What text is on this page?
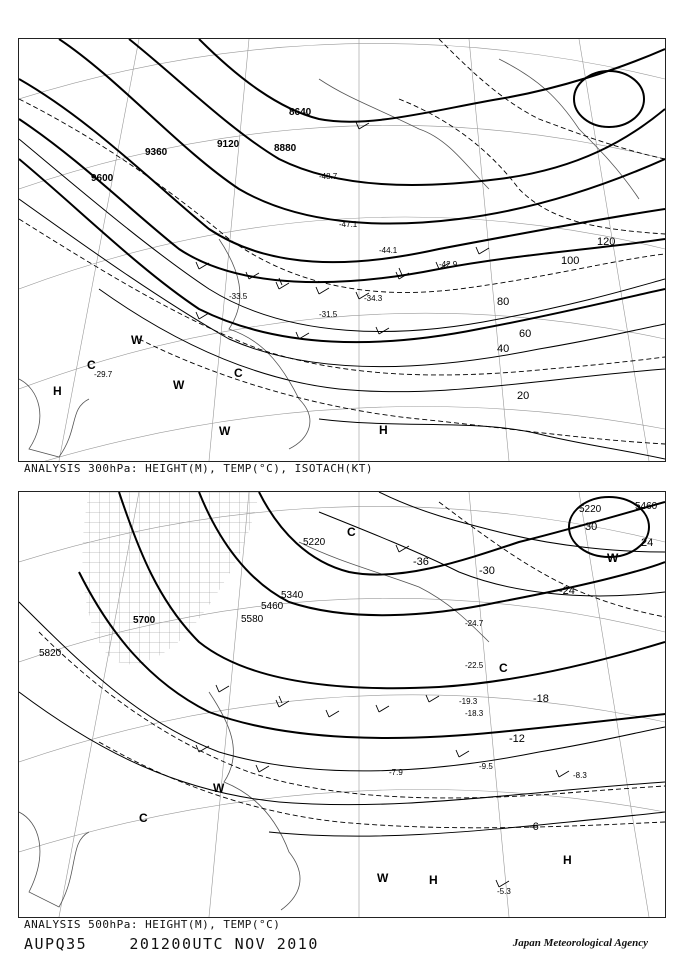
8640
8880
9120
9360
9600
20
40
60
80
100
120
-33.5
-42.9
-44.1
-47.1
-48.7
-34.3
-31.5
-29.7
H
H
C
C
W
W
W
ANALYSIS 300hPa: HEIGHT(M), TEMP(°C), ISOTACH(KT)
5220
5220
5340
5460
5460
5580
5700
5820
-36
-30
-24
-18
-12
-6
30
24
-22.5
-19.3
-9.5
-7.9	-8.3
-5.3
-24.7
-18.3
C
C
C
W
W
W	H
H
ANALYSIS 500hPa: HEIGHT(M), TEMP(°C)
AUPQ35	201200UTC NOV 2010	Japan Meteorological Agency
